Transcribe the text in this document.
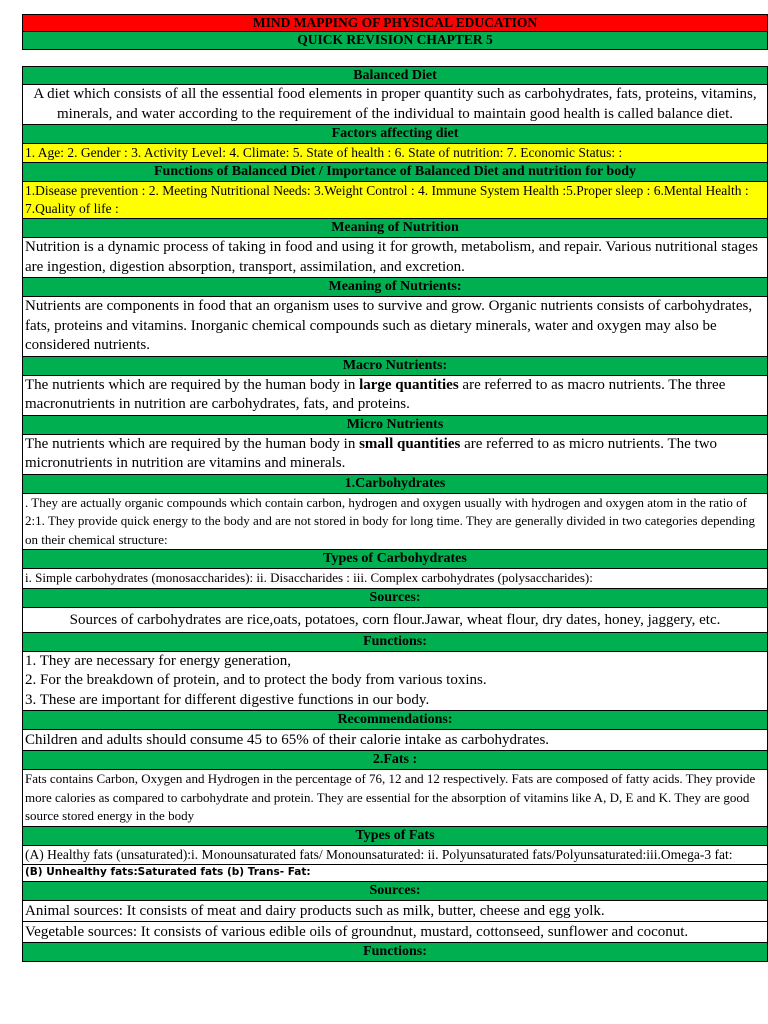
MIND MAPPING OF PHYSICAL EDUCATION
QUICK REVISION CHAPTER 5
Balanced Diet
A diet which consists of all the essential food elements in proper quantity such as carbohydrates, fats, proteins, vitamins, minerals, and water according to the requirement of the individual to maintain good health is called balance diet.
Factors affecting diet
1. Age: 2. Gender : 3. Activity Level: 4. Climate: 5. State of health : 6. State of nutrition: 7. Economic Status: :
Functions of Balanced Diet / Importance of Balanced Diet and nutrition for body
1.Disease prevention : 2. Meeting Nutritional Needs: 3.Weight Control : 4. Immune System Health :5.Proper sleep : 6.Mental Health : 7.Quality of life :
Meaning of Nutrition
Nutrition is a dynamic process of taking in food and using it for growth, metabolism, and repair. Various nutritional stages are ingestion, digestion absorption, transport, assimilation, and excretion.
Meaning of Nutrients:
Nutrients are components in food that an organism uses to survive and grow. Organic nutrients consists of carbohydrates, fats, proteins and vitamins. Inorganic chemical compounds such as dietary minerals, water and oxygen may also be considered nutrients.
Macro Nutrients:
The nutrients which are required by the human body in large quantities are referred to as macro nutrients. The three macronutrients in nutrition are carbohydrates, fats, and proteins.
Micro Nutrients
The nutrients which are required by the human body in small quantities are referred to as micro nutrients. The two micronutrients in nutrition are vitamins and minerals.
1.Carbohydrates
. They are actually organic compounds which contain carbon, hydrogen and oxygen usually with hydrogen and oxygen atom in the ratio of 2:1. They provide quick energy to the body and are not stored in body for long time. They are generally divided in two categories depending on their chemical structure:
Types of Carbohydrates
i. Simple carbohydrates (monosaccharides): ii. Disaccharides : iii. Complex carbohydrates (polysaccharides):
Sources:
Sources of carbohydrates are rice,oats, potatoes, corn flour.Jawar, wheat flour, dry dates, honey, jaggery, etc.
Functions:
1. They are necessary for energy generation,
2. For the breakdown of protein, and to protect the body from various toxins.
3. These are important for different digestive functions in our body.
Recommendations:
Children and adults should consume 45 to 65% of their calorie intake as carbohydrates.
2.Fats :
Fats contains Carbon, Oxygen and Hydrogen in the percentage of 76, 12 and 12 respectively. Fats are composed of fatty acids. They provide more calories as compared to carbohydrate and protein. They are essential for the absorption of vitamins like A, D, E and K. They are good source stored energy in the body
Types of Fats
(A) Healthy fats (unsaturated):i. Monounsaturated fats/ Monounsaturated: ii. Polyunsaturated fats/Polyunsaturated:iii.Omega-3 fat:
(B) Unhealthy fats:Saturated fats (b) Trans- Fat:
Sources:
Animal sources: It consists of meat and dairy products such as milk, butter, cheese and egg yolk.
Vegetable sources: It consists of various edible oils of groundnut, mustard, cottonseed, sunflower and coconut.
Functions:
